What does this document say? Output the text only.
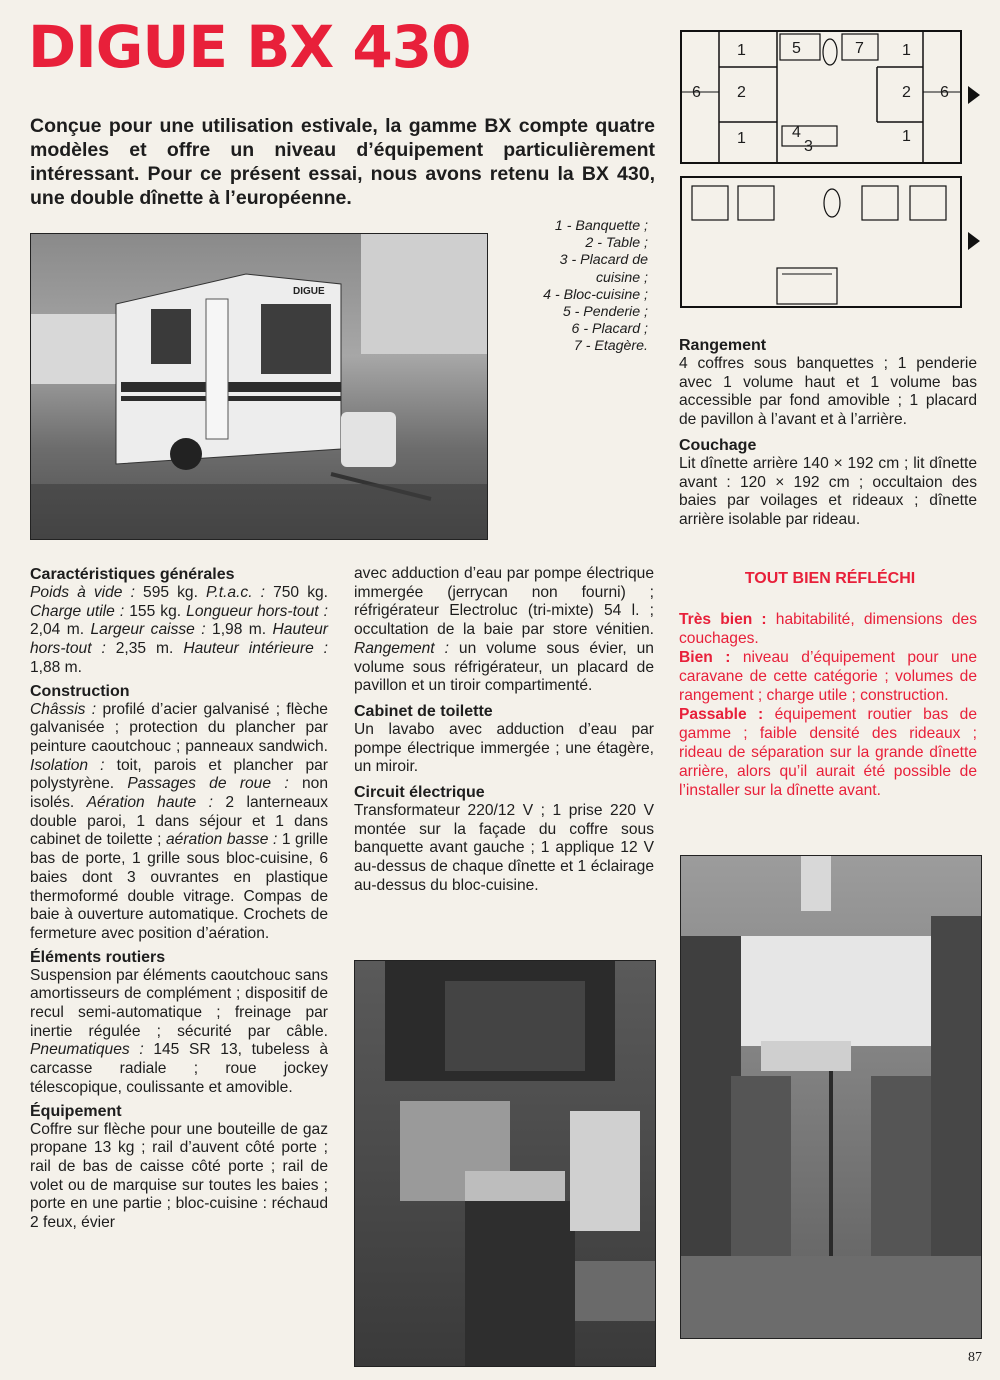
DIGUE BX 430
Conçue pour une utilisation estivale, la gamme BX compte quatre modèles et offre un niveau d’équipement particulièrement intéressant. Pour ce présent essai, nous avons retenu la BX 430, une double dînette à l’européenne.
1	5	7 1
6 2	2 6
1	4
3
1
1 - Banquette ;
2 - Table ;
3 - Placard de cuisine ;
4 - Bloc-cuisine ;
5 - Penderie ;
6 - Placard ;
7 - Etagère.
DIGUE
Caractéristiques générales

Poids à vide : 595 kg. P.t.a.c. : 750 kg. Charge utile : 155 kg. Longueur hors-tout : 2,04 m. Largeur caisse : 1,98 m. Hauteur hors-tout : 2,35 m. Hauteur intérieure : 1,88 m.

Construction

Châssis : profilé d’acier galvanisé ; flèche galvanisée ; protection du plancher par peinture caoutchouc ; panneaux sandwich. Isolation : toit, parois et plancher par polystyrène. Passages de roue : non isolés. Aération haute : 2 lanterneaux double paroi, 1 dans séjour et 1 dans cabinet de toilette ; aération basse : 1 grille bas de porte, 1 grille sous bloc-cuisine, 6 baies dont 3 ouvrantes en plastique thermoformé double vitrage. Compas de baie à ouverture automatique. Crochets de fermeture avec position d’aération.

Éléments routiers

Suspension par éléments caoutchouc sans amortisseurs de complément ; dispositif de recul semi-automatique ; freinage par inertie régulée ; sécurité par câble. Pneumatiques : 145 SR 13, tubeless à carcasse radiale ; roue jockey télescopique, coulissante et amovible.

Équipement

Coffre sur flèche pour une bouteille de gaz propane 13 kg ; rail d’auvent côté porte ; rail de bas de caisse côté porte ; rail de volet ou de marquise sur toutes les baies ; porte en une partie ; bloc-cuisine : réchaud 2 feux, évier

avec adduction d’eau par pompe électrique immergée (jerrycan non fourni) ; réfrigérateur Electroluc (tri-mixte) 54 l. ; occultation de la baie par store vénitien. Rangement : un volume sous évier, un volume sous réfrigérateur, un placard de pavillon et un tiroir compartimenté.

Cabinet de toilette

Un lavabo avec adduction d’eau par pompe électrique immergée ; une étagère, un miroir.

Circuit électrique

Transformateur 220/12 V ; 1 prise 220 V montée sur la façade du coffre sous banquette avant gauche ; 1 applique 12 V au-dessus de chaque dînette et 1 éclairage au-dessus du bloc-cuisine.

Rangement

4 coffres sous banquettes ; 1 penderie avec 1 volume haut et 1 volume bas accessible par fond amovible ; 1 placard de pavillon à l’avant et à l’arrière.

Couchage

Lit dînette arrière 140 × 192 cm ; lit dînette avant : 120 × 192 cm ; occultaion des baies par voilages et rideaux ; dînette arrière isolable par rideau.

TOUT BIEN RÉFLÉCHI

Très bien : habitabilité, dimensions des couchages.

Bien : niveau d’équipement pour une caravane de cette catégorie ; volumes de rangement ; charge utile ; construction.

Passable : équipement routier bas de gamme ; faible densité des rideaux ; rideau de séparation sur la grande dînette arrière, alors qu’il aurait été possible de l’installer sur la dînette avant.

87
